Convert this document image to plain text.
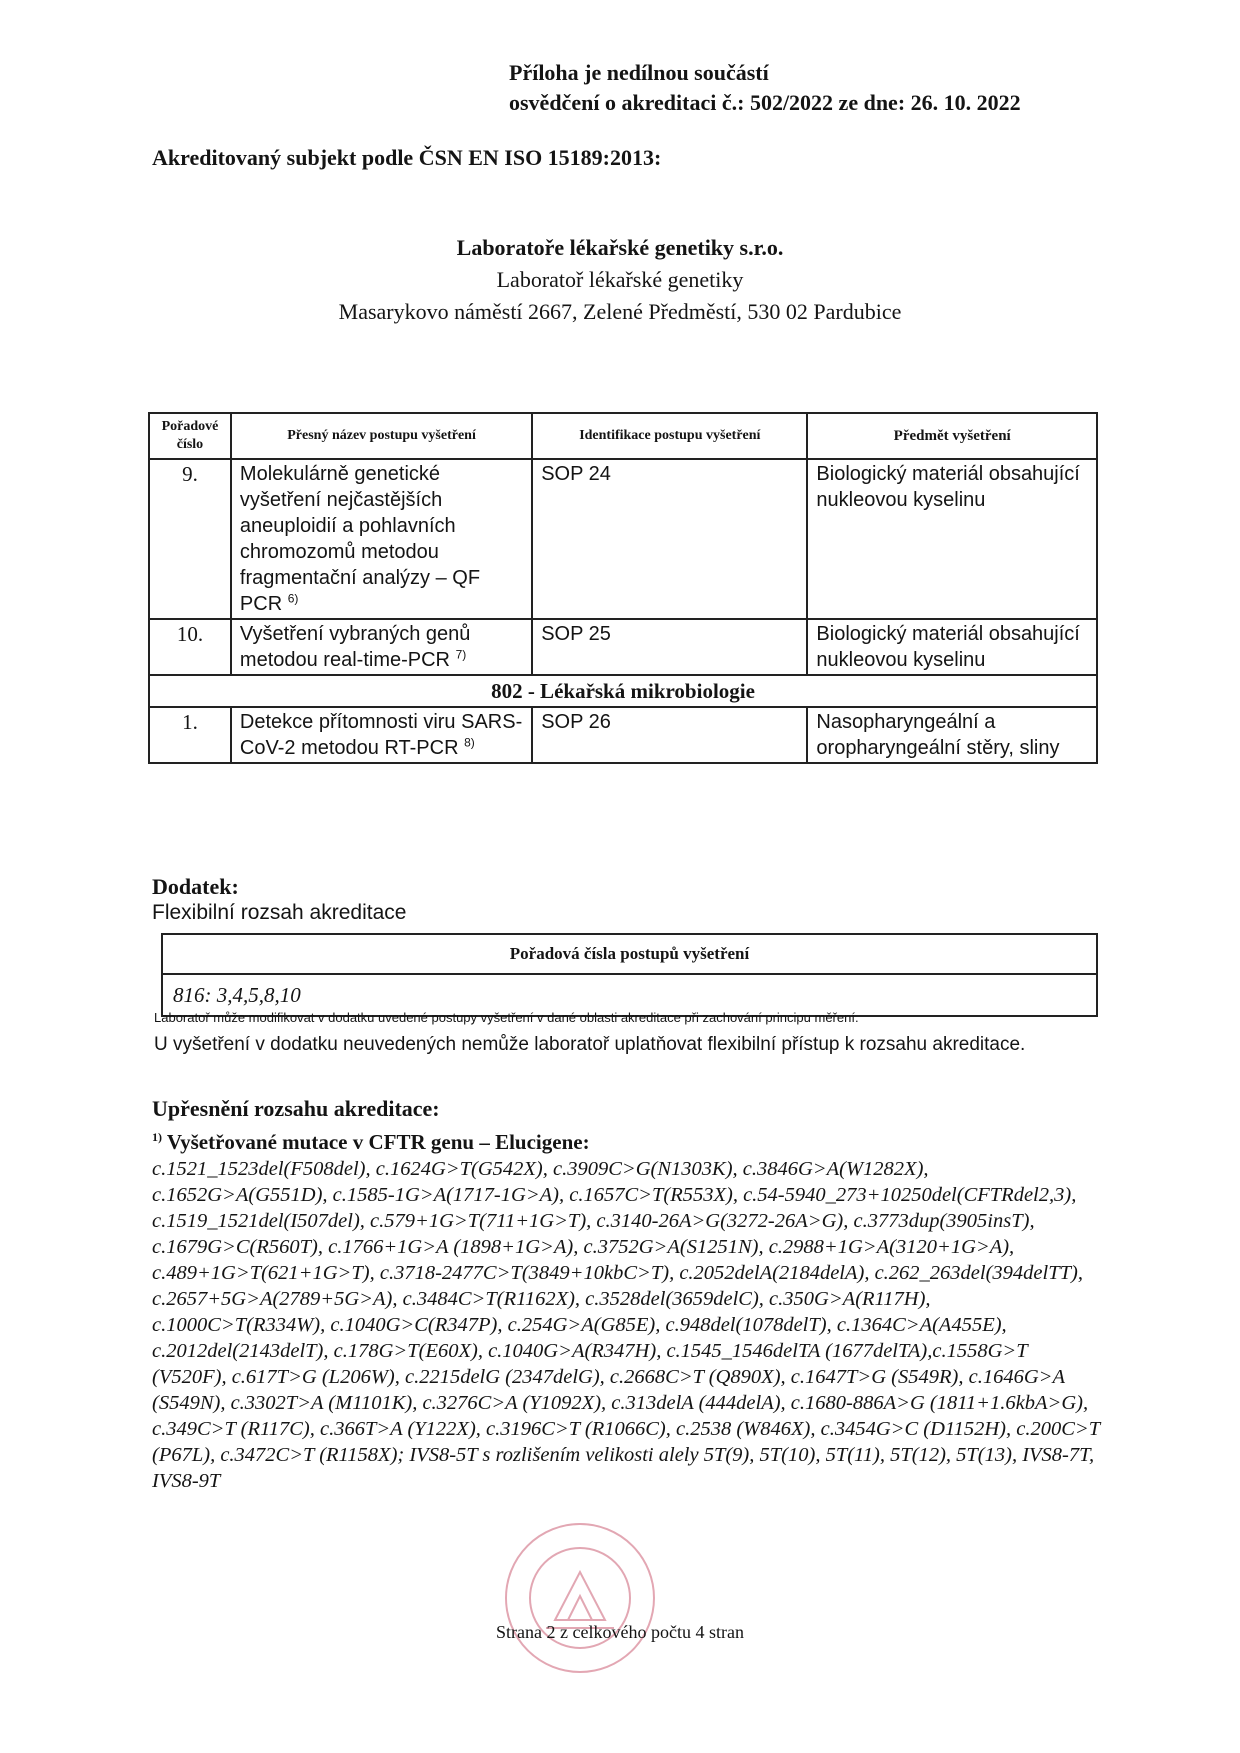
Příloha je nedílnou součástí
osvědčení o akreditaci č.: 502/2022 ze dne: 26. 10. 2022
Akreditovaný subjekt podle ČSN EN ISO 15189:2013:
Laboratoře lékařské genetiky s.r.o.
Laboratoř lékařské genetiky
Masarykovo náměstí 2667, Zelené Předměstí, 530 02 Pardubice
Pořadové číslo	Přesný název postupu vyšetření	Identifikace postupu vyšetření	Předmět vyšetření
9.	Molekulárně genetické vyšetření nejčastějších aneuploidií a pohlavních chromozomů metodou fragmentační analýzy – QF PCR $^{6)}$	SOP 24	Biologický materiál obsahující nukleovou kyselinu
10.	Vyšetření vybraných genů metodou real-time-PCR $^{7)}$	SOP 25	Biologický materiál obsahující nukleovou kyselinu
802 - Lékařská mikrobiologie			
1.	Detekce přítomnosti viru SARS-CoV-2 metodou RT-PCR $^{8)}$	SOP 26	Nasopharyngeální a oropharyngeální stěry, sliny
Dodatek:
Flexibilní rozsah akreditace
Pořadová čísla postupů vyšetření
816: 3,4,5,8,10
Laboratoř může modifikovat v dodatku uvedené postupy vyšetření v dané oblasti akreditace při zachování principu měření.
U vyšetření v dodatku neuvedených nemůže laboratoř uplatňovat flexibilní přístup k rozsahu akreditace.
Upřesnění rozsahu akreditace:
$^{1)}$ Vyšetřované mutace v CFTR genu – Elucigene:
c.1521_1523del(F508del), c.1624G>T(G542X), c.3909C>G(N1303K), c.3846G>A(W1282X), c.1652G>A(G551D), c.1585-1G>A(1717-1G>A), c.1657C>T(R553X), c.54-5940_273+10250del(CFTRdel2,3), c.1519_1521del(I507del), c.579+1G>T(711+1G>T), c.3140-26A>G(3272-26A>G), c.3773dup(3905insT), c.1679G>C(R560T), c.1766+1G>A (1898+1G>A), c.3752G>A(S1251N), c.2988+1G>A(3120+1G>A), c.489+1G>T(621+1G>T), c.3718-2477C>T(3849+10kbC>T), c.2052delA(2184delA), c.262_263del(394delTT), c.2657+5G>A(2789+5G>A), c.3484C>T(R1162X), c.3528del(3659delC), c.350G>A(R117H), c.1000C>T(R334W), c.1040G>C(R347P), c.254G>A(G85E), c.948del(1078delT), c.1364C>A(A455E), c.2012del(2143delT), c.178G>T(E60X), c.1040G>A(R347H), c.1545_1546delTA (1677delTA),c.1558G>T (V520F), c.617T>G (L206W), c.2215delG (2347delG), c.2668C>T (Q890X), c.1647T>G (S549R), c.1646G>A (S549N), c.3302T>A (M1101K), c.3276C>A (Y1092X), c.313delA (444delA), c.1680-886A>G (1811+1.6kbA>G), c.349C>T (R117C), c.366T>A (Y122X), c.3196C>T (R1066C), c.2538 (W846X), c.3454G>C (D1152H), c.200C>T (P67L), c.3472C>T (R1158X); IVS8-5T s rozlišením velikosti alely 5T(9), 5T(10), 5T(11), 5T(12), 5T(13), IVS8-7T, IVS8-9T
Strana 2 z celkového počtu 4 stran
